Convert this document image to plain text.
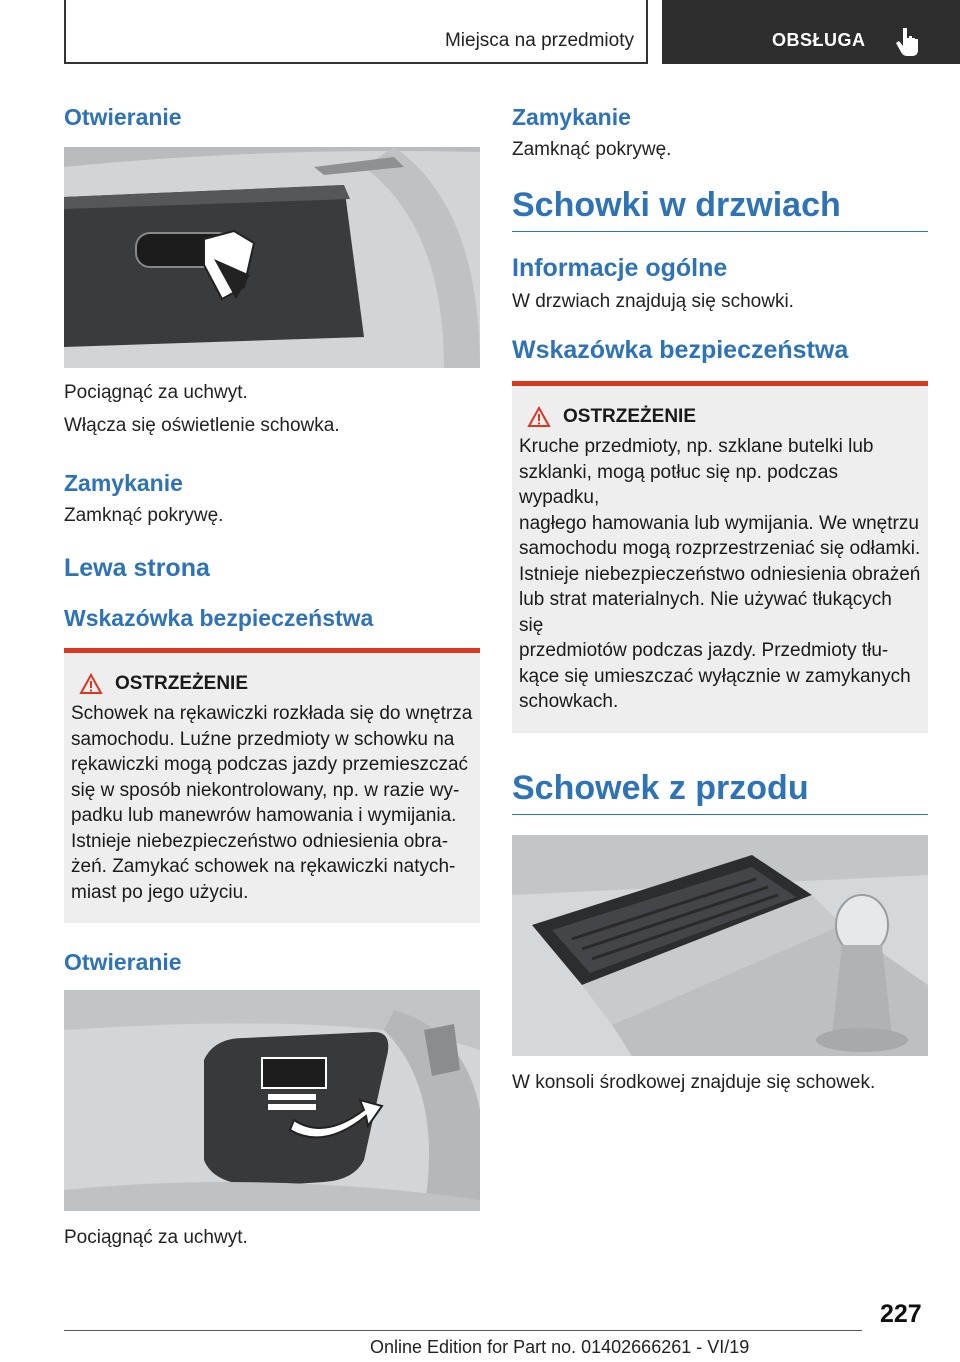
Miejsca na przedmioty	OBSŁUGA
Otwieranie

Pociągnąć za uchwyt.

Włącza się oświetlenie schowka.

Zamykanie

Zamknąć pokrywę.

Lewa strona
Wskazówka bezpieczeństwa
OSTRZEŻENIE
Schowek na rękawiczki rozkłada się do wnętrza
samochodu. Luźne przedmioty w schowku na
rękawiczki mogą podczas jazdy przemieszczać
się w sposób niekontrolowany, np. w razie wy-
padku lub manewrów hamowania i wymijania.
Istnieje niebezpieczeństwo odniesienia obra-
żeń. Zamykać schowek na rękawiczki natych-
miast po jego użyciu.
Otwieranie

Pociągnąć za uchwyt.

Zamykanie

Zamknąć pokrywę.

Schowki w drzwiach
Informacje ogólne

W drzwiach znajdują się schowki.

Wskazówka bezpieczeństwa
OSTRZEŻENIE
Kruche przedmioty, np. szklane butelki lub
szklanki, mogą potłuc się np. podczas wypadku,
nagłego hamowania lub wymijania. We wnętrzu
samochodu mogą rozprzestrzeniać się odłamki.
Istnieje niebezpieczeństwo odniesienia obrażeń
lub strat materialnych. Nie używać tłukących się
przedmiotów podczas jazdy. Przedmioty tłu-
kące się umieszczać wyłącznie w zamykanych
schowkach.
Schowek z przodu

W konsoli środkowej znajduje się schowek.

227
Online Edition for Part no. 01402666261 - VI/19
